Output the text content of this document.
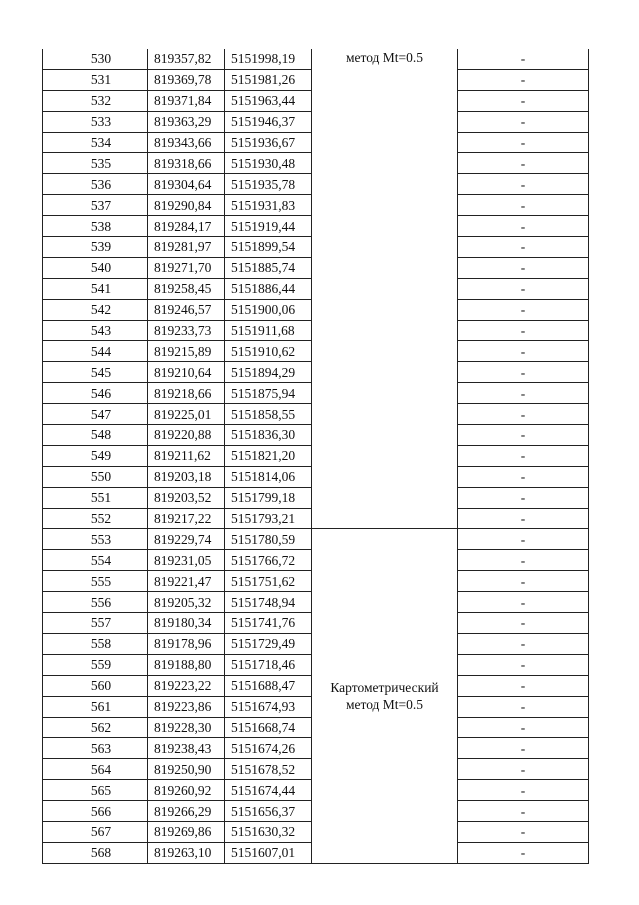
530	819357,82	5151998,19	метод Mt=0.5	-
531	819369,78	5151981,26		-
532	819371,84	5151963,44		-
533	819363,29	5151946,37		-
534	819343,66	5151936,67		-
535	819318,66	5151930,48		-
536	819304,64	5151935,78		-
537	819290,84	5151931,83		-
538	819284,17	5151919,44		-
539	819281,97	5151899,54		-
540	819271,70	5151885,74		-
541	819258,45	5151886,44		-
542	819246,57	5151900,06		-
543	819233,73	5151911,68		-
544	819215,89	5151910,62		-
545	819210,64	5151894,29		-
546	819218,66	5151875,94		-
547	819225,01	5151858,55		-
548	819220,88	5151836,30		-
549	819211,62	5151821,20		-
550	819203,18	5151814,06		-
551	819203,52	5151799,18		-
552	819217,22	5151793,21		-
553	819229,74	5151780,59	Картометрический
метод Mt=0.5	-
554	819231,05	5151766,72		-
555	819221,47	5151751,62		-
556	819205,32	5151748,94		-
557	819180,34	5151741,76		-
558	819178,96	5151729,49		-
559	819188,80	5151718,46		-
560	819223,22	5151688,47		-
561	819223,86	5151674,93		-
562	819228,30	5151668,74		-
563	819238,43	5151674,26		-
564	819250,90	5151678,52		-
565	819260,92	5151674,44		-
566	819266,29	5151656,37		-
567	819269,86	5151630,32		-
568	819263,10	5151607,01		-
